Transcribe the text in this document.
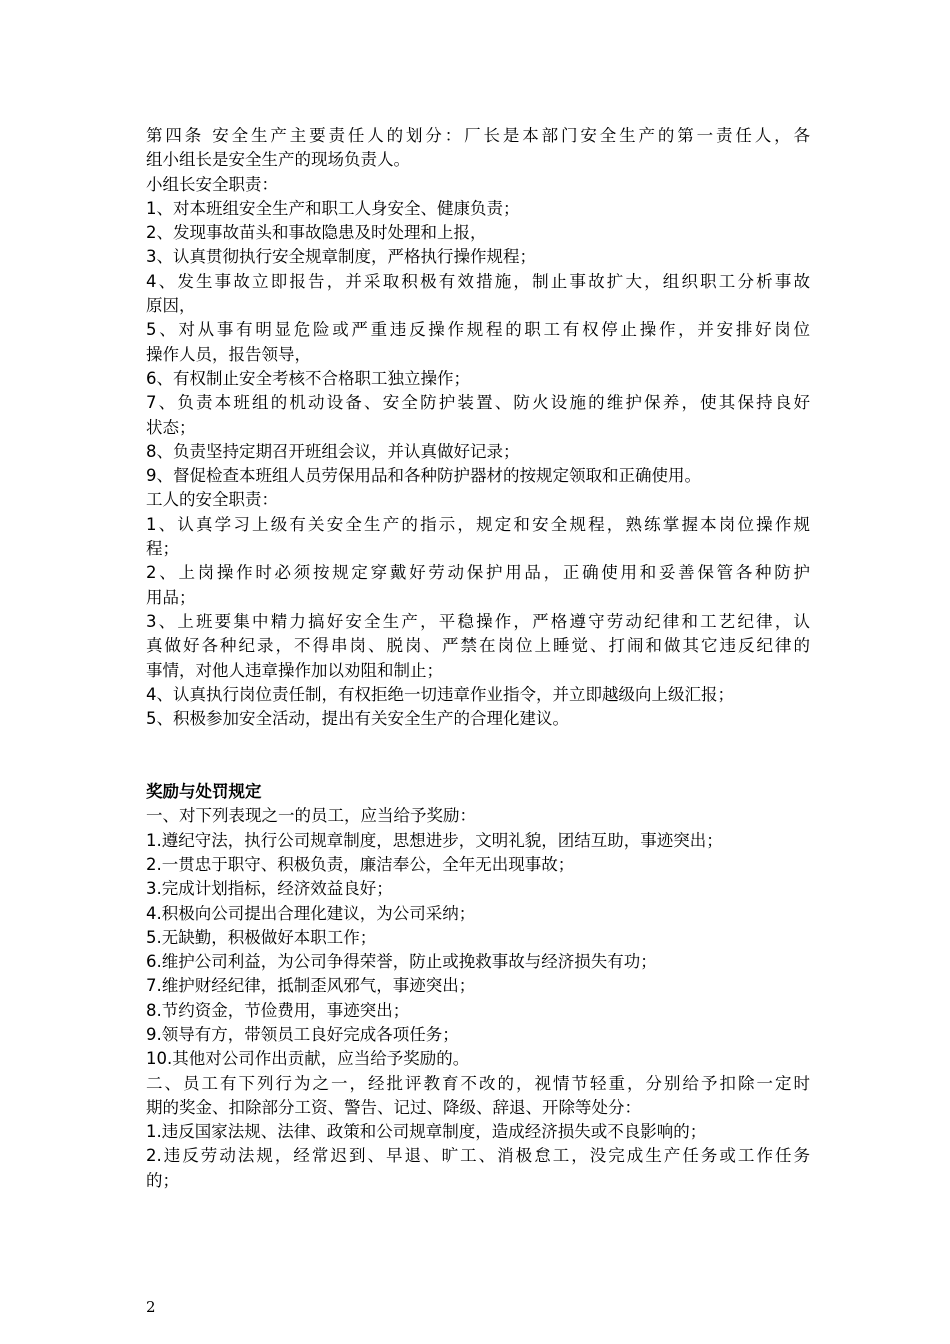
第四条 安全生产主要责任人的划分：厂长是本部门安全生产的第一责任人，各
组小组长是安全生产的现场负责人。
小组长安全职责：
1、对本班组安全生产和职工人身安全、健康负责；
2、发现事故苗头和事故隐患及时处理和上报，
3、认真贯彻执行安全规章制度，严格执行操作规程；
4、发生事故立即报告，并采取积极有效措施，制止事故扩大，组织职工分析事故
原因，
5、对从事有明显危险或严重违反操作规程的职工有权停止操作，并安排好岗位
操作人员，报告领导，
6、有权制止安全考核不合格职工独立操作；
7、负责本班组的机动设备、安全防护装置、防火设施的维护保养，使其保持良好
状态；
8、负责坚持定期召开班组会议，并认真做好记录；
9、督促检查本班组人员劳保用品和各种防护器材的按规定领取和正确使用。
工人的安全职责：
1、认真学习上级有关安全生产的指示，规定和安全规程，熟练掌握本岗位操作规
程；
2、上岗操作时必须按规定穿戴好劳动保护用品，正确使用和妥善保管各种防护
用品；
3、上班要集中精力搞好安全生产，平稳操作，严格遵守劳动纪律和工艺纪律，认
真做好各种纪录，不得串岗、脱岗、严禁在岗位上睡觉、打闹和做其它违反纪律的
事情，对他人违章操作加以劝阻和制止；
4、认真执行岗位责任制，有权拒绝一切违章作业指令，并立即越级向上级汇报；
5、积极参加安全活动，提出有关安全生产的合理化建议。
奖励与处罚规定
一、对下列表现之一的员工，应当给予奖励：
1.遵纪守法，执行公司规章制度，思想进步，文明礼貌，团结互助，事迹突出；
2.一贯忠于职守、积极负责，廉洁奉公，全年无出现事故；
3.完成计划指标，经济效益良好；
4.积极向公司提出合理化建议，为公司采纳；
5.无缺勤，积极做好本职工作；
6.维护公司利益，为公司争得荣誉，防止或挽救事故与经济损失有功；
7.维护财经纪律，抵制歪风邪气，事迹突出；
8.节约资金，节俭费用，事迹突出；
9.领导有方，带领员工良好完成各项任务；
10.其他对公司作出贡献，应当给予奖励的。
二、员工有下列行为之一，经批评教育不改的，视情节轻重，分别给予扣除一定时
期的奖金、扣除部分工资、警告、记过、降级、辞退、开除等处分：
1.违反国家法规、法律、政策和公司规章制度，造成经济损失或不良影响的；
2.违反劳动法规，经常迟到、早退、旷工、消极怠工，没完成生产任务或工作任务
的；
2
